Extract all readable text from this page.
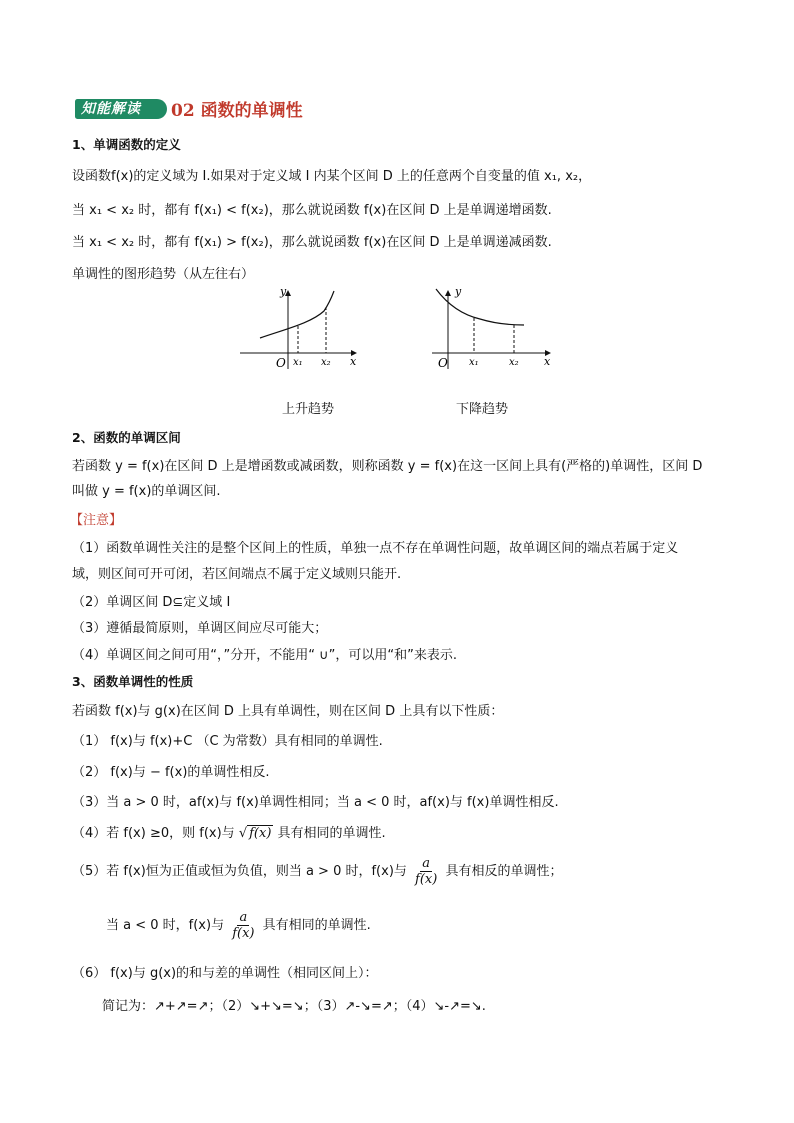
知能解读	02 函数的单调性
1、单调函数的定义
设函数f(x)的定义域为 I.如果对于定义域 I 内某个区间 D 上的任意两个自变量的值 x₁, x₂，
当 x₁ < x₂ 时，都有 f(x₁) < f(x₂)，那么就说函数 f(x)在区间 D 上是单调递增函数.
当 x₁ < x₂ 时，都有 f(x₁) > f(x₂)，那么就说函数 f(x)在区间 D 上是单调递减函数.
单调性的图形趋势（从左往右）
y
x
O x₁ x₂
y
x
O x₁	x₂
上升趋势	下降趋势
2、函数的单调区间
若函数 y = f(x)在区间 D 上是增函数或减函数，则称函数 y = f(x)在这一区间上具有(严格的)单调性，区间 D
叫做 y = f(x)的单调区间.
【注意】
（1）函数单调性关注的是整个区间上的性质，单独一点不存在单调性问题，故单调区间的端点若属于定义
域，则区间可开可闭，若区间端点不属于定义域则只能开.
（2）单调区间 D⊆定义域 I
（3）遵循最简原则，单调区间应尽可能大；
（4）单调区间之间可用“，”分开，不能用“ ∪”，可以用“和”来表示.
3、函数单调性的性质
若函数 f(x)与 g(x)在区间 D 上具有单调性，则在区间 D 上具有以下性质：
（1） f(x)与 f(x)+C （C 为常数）具有相同的单调性.
（2） f(x)与 − f(x)的单调性相反.
（3）当 a > 0 时，af(x)与 f(x)单调性相同；当 a < 0 时，af(x)与 f(x)单调性相反.
（4）若 f(x) ≥0，则 f(x)与 √ f(x) 具有相同的单调性.
（5）若 f(x)恒为正值或恒为负值，则当 a > 0 时，f(x)与 $\frac{a}{f(x)}$ 具有相反的单调性；
当 a < 0 时，f(x)与 $\frac{a}{f(x)}$ 具有相同的单调性.
（6） f(x)与 g(x)的和与差的单调性（相同区间上）：
简记为：↗+↗=↗；（2）↘+↘=↘；（3）↗-↘=↗；（4）↘-↗=↘.
